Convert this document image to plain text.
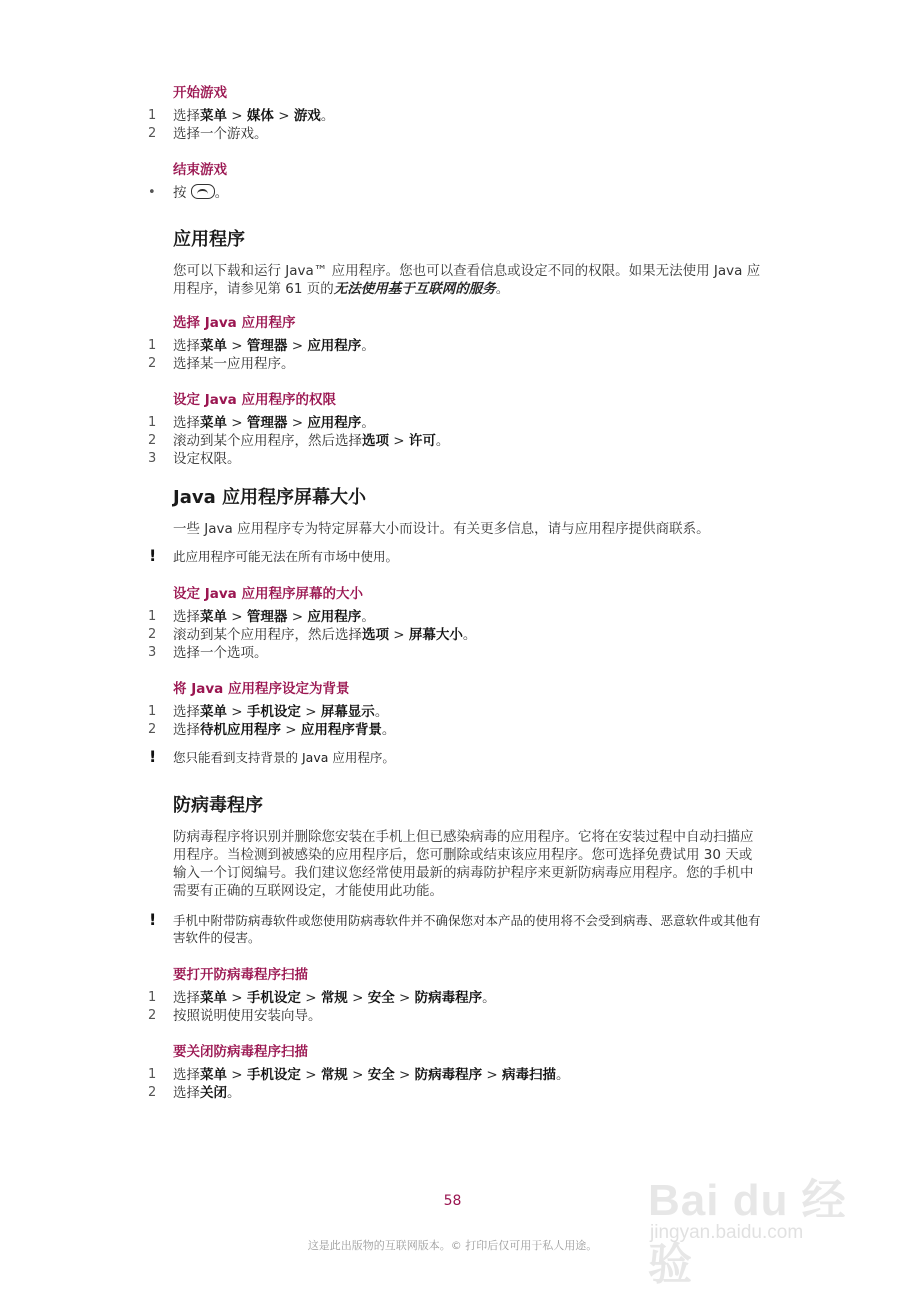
开始游戏
1	选择菜单 > 媒体 > 游戏。
2	选择一个游戏。
结束游戏
•	按 。
应用程序
您可以下载和运行 Java™ 应用程序。您也可以查看信息或设定不同的权限。如果无法使用 Java 应用程序，请参见第 61 页的无法使用基于互联网的服务。
选择 Java 应用程序
1	选择菜单 > 管理器 > 应用程序。
2	选择某一应用程序。
设定 Java 应用程序的权限
1	选择菜单 > 管理器 > 应用程序。
2	滚动到某个应用程序，然后选择选项 > 许可。
3	设定权限。
Java 应用程序屏幕大小
一些 Java 应用程序专为特定屏幕大小而设计。有关更多信息，请与应用程序提供商联系。
! 此应用程序可能无法在所有市场中使用。
设定 Java 应用程序屏幕的大小
1	选择菜单 > 管理器 > 应用程序。
2	滚动到某个应用程序，然后选择选项 > 屏幕大小。
3	选择一个选项。
将 Java 应用程序设定为背景
1	选择菜单 > 手机设定 > 屏幕显示。
2	选择待机应用程序 > 应用程序背景。
! 您只能看到支持背景的 Java 应用程序。
防病毒程序
防病毒程序将识别并删除您安装在手机上但已感染病毒的应用程序。它将在安装过程中自动扫描应用程序。当检测到被感染的应用程序后，您可删除或结束该应用程序。您可选择免费试用 30 天或输入一个订阅编号。我们建议您经常使用最新的病毒防护程序来更新防病毒应用程序。您的手机中需要有正确的互联网设定，才能使用此功能。
! 手机中附带防病毒软件或您使用防病毒软件并不确保您对本产品的使用将不会受到病毒、恶意软件或其他有害软件的侵害。
要打开防病毒程序扫描
1	选择菜单 > 手机设定 > 常规 > 安全 > 防病毒程序。
2	按照说明使用安装向导。
要关闭防病毒程序扫描
1	选择菜单 > 手机设定 > 常规 > 安全 > 防病毒程序 > 病毒扫描。
2	选择关闭。
Bai du 经验
jingyan.baidu.com
58
这是此出版物的互联网版本。© 打印后仅可用于私人用途。
